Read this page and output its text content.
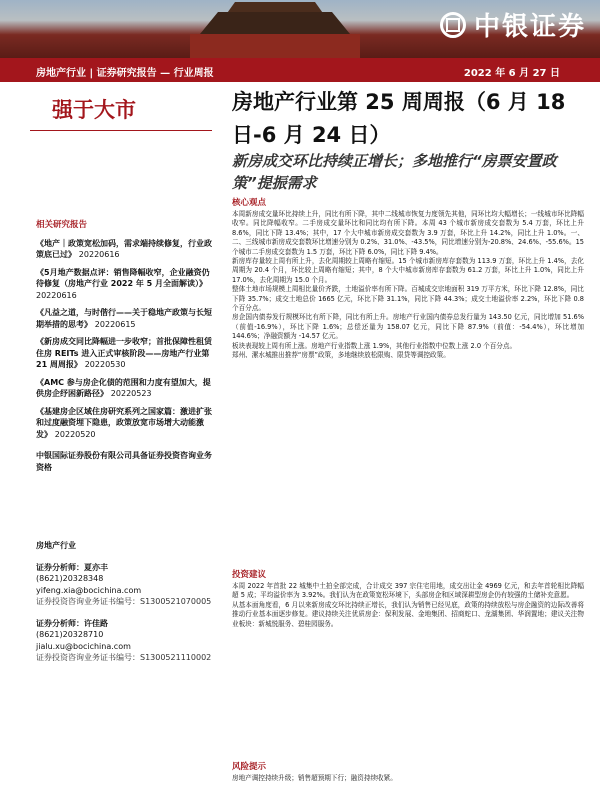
中银证券
房地产行业 | 证券研究报告 — 行业周报	2022 年 6 月 27 日
强于大市	房地产行业第 25 周周报（6 月 18 日-6 月 24 日）
新房成交环比持续正增长；多地推行“房票安置政策”提振需求
相关研究报告
《地产｜政策宽松加码，需求端持续修复，行业政策底已过》 20220616
《5月地产数据点评：销售降幅收窄，企业融资仍待修复（房地产行业 2022 年 5 月全面解读）》 20220616
《凡益之道，与时偕行——关于稳地产政策与长短期举措的思考》 20220615
《新房成交同比降幅进一步收窄；首批保障性租赁住房 REITs 进入正式审核阶段——房地产行业第 21 周周报》 20220530
《AMC 参与房企化债的范围和力度有望加大，提供房企纾困新路径》 20220523
《基建房企区域住房研究系列之国家篇：激进扩张和过度融资埋下隐患，政策放宽市场增大动能激发》 20220520
中银国际证券股份有限公司具备证券投资咨询业务资格
房地产行业
证券分析师：夏亦丰
(8621)20328348
yifeng.xia@bocichina.com
证券投资咨询业务证书编号：S1300521070005
证券分析师：许佳路
(8621)20328710
jialu.xu@bocichina.com
证券投资咨询业务证书编号：S1300521110002
核心观点

本周新房成交量环比持续上升，同比有所下降，其中二线城市恢复力度领先其他，同环比均大幅增长；一线城市环比降幅收窄。同比降幅收窄。二手房成交量环比和同比均有所下降。本周 43 个城市新房成交套数为 5.4 万套，环比上升 8.6%，同比下降 13.4%；其中，17 个大中城市新房成交套数为 3.9 万套，环比上升 14.2%，同比上升 1.0%。一、二、三线城市新房成交套数环比增速分别为 0.2%、31.0%、-43.5%，同比增速分别为-20.8%、24.6%、-55.6%。15 个城市二手房成交套数为 1.5 万套，环比下降 6.0%，同比下降 9.4%。

新房库存量较上周有所上升，去化周期较上周略有缩短。15 个城市新房库存套数为 113.9 万套，环比上升 1.4%，去化周期为 20.4 个月，环比较上周略有缩短；其中，8 个大中城市新房库存套数为 61.2 万套，环比上升 1.0%，同比上升 17.0%，去化周期为 15.0 个月。

整体土地市场规模上周相比量价齐跌，土地溢价率有所下降。百城成交宗地面积 319 万平方米，环比下降 12.8%，同比下降 35.7%；成交土地总价 1665 亿元，环比下降 31.1%，同比下降 44.3%；成交土地溢价率 2.2%，环比下降 0.8 个百分点。

房企国内债券发行规模环比有所下降，同比有所上升。房地产行业国内债券总发行量为 143.50 亿元，同比增加 51.6%（前值-16.9%），环比下降 1.6%；总偿还量为 158.07 亿元，同比下降 87.9%（前值：-54.4%），环比增加 144.6%；净融资额为 -14.57 亿元。

板块表现较上周有所上涨。房地产行业指数上涨 1.9%，其他行业指数中位数上涨 2.0 个百分点。

郑州、漯水城推出推荐“房票”政策，多地继续放松限购、限贷等调控政策。

投资建议

本周 2022 年首批 22 城集中土拍全部完成，合计成交 397 宗住宅用地，成交出让金 4969 亿元，和去年首轮相比降幅超 5 成；平均溢价率为 3.92%。我们认为在政策宽松环境下，头部房企和区域深耕型房企仍有较强的土储补充意愿。

从基本面角度看，6 月以来新房成交环比持续正增长，我们认为销售已经见底，政策的持续放松与房企融资的边际改善将推动行业基本面逐步修复。建议持续关注优质房企：保利发展、金地集团、招商蛇口、龙湖集团、华润置地；建议关注物业板块：新城悦服务、碧桂园服务。

风险提示
房地产调控持续升级；销售超预期下行；融资持续收紧。
